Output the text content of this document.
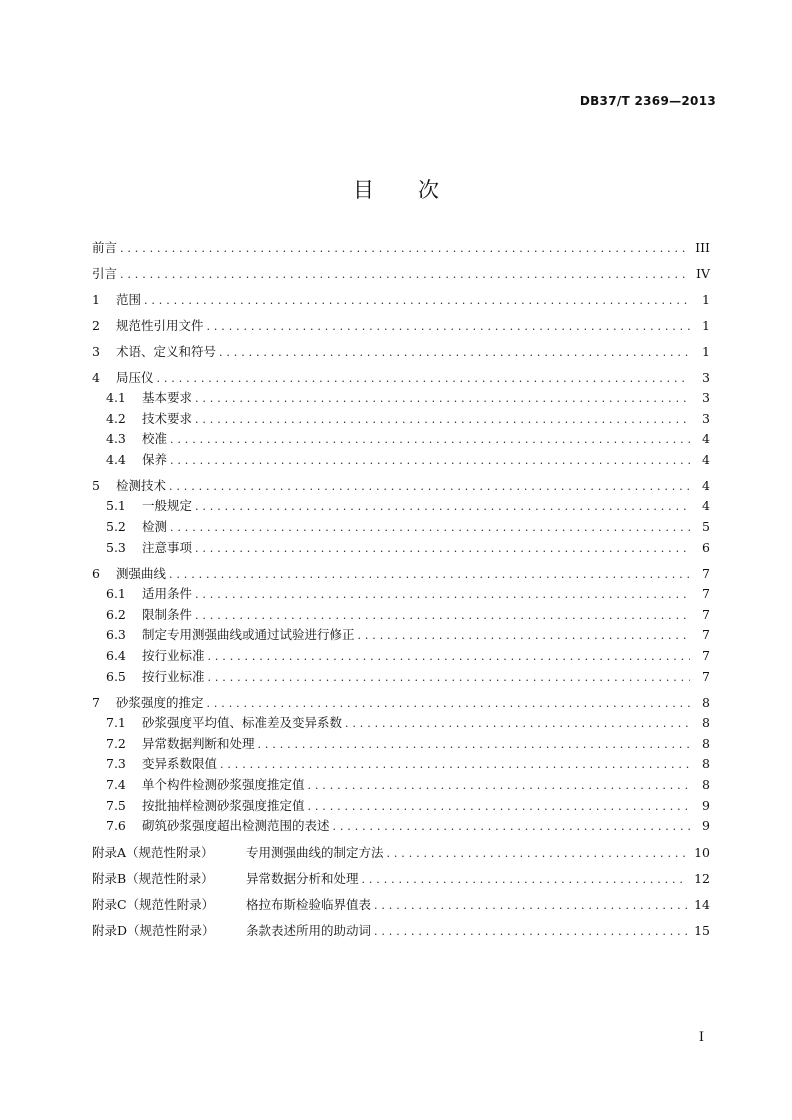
DB37/T 2369—2013
目次
前言 . . .	III
引言 . . .	IV
1	范围 . . .	1
2	规范性引用文件 . . .	1
3	术语、定义和符号 . . .	1
4	局压仪 . . .	3
4.1	基本要求 . . .	3
4.2	技术要求 . . .	3
4.3	校准 . . .	4
4.4	保养 . . .	4
5	检测技术 . . .	4
5.1	一般规定 . . .	4
5.2	检测 . . .	5
5.3	注意事项 . . .	6
6	测强曲线 . . .	7
6.1	适用条件 . . .	7
6.2	限制条件 . . .	7
6.3	制定专用测强曲线或通过试验进行修正 . . .	7
6.4	按行业标准 . . .	7
6.5	按行业标准 . . .	7
7	砂浆强度的推定 . . .	8
7.1	砂浆强度平均值、标准差及变异系数 . . .	8
7.2	异常数据判断和处理 . . .	8
7.3	变异系数限值 . . .	8
7.4	单个构件检测砂浆强度推定值 . . .	8
7.5	按批抽样检测砂浆强度推定值 . . .	9
7.6	砌筑砂浆强度超出检测范围的表述 . . .	9
附录A（规范性附录）	专用测强曲线的制定方法 . . .	10
附录B（规范性附录）	异常数据分析和处理 . . .	12
附录C（规范性附录）	格拉布斯检验临界值表 . . .	14
附录D（规范性附录）	条款表述所用的助动词 . . .	15
I
